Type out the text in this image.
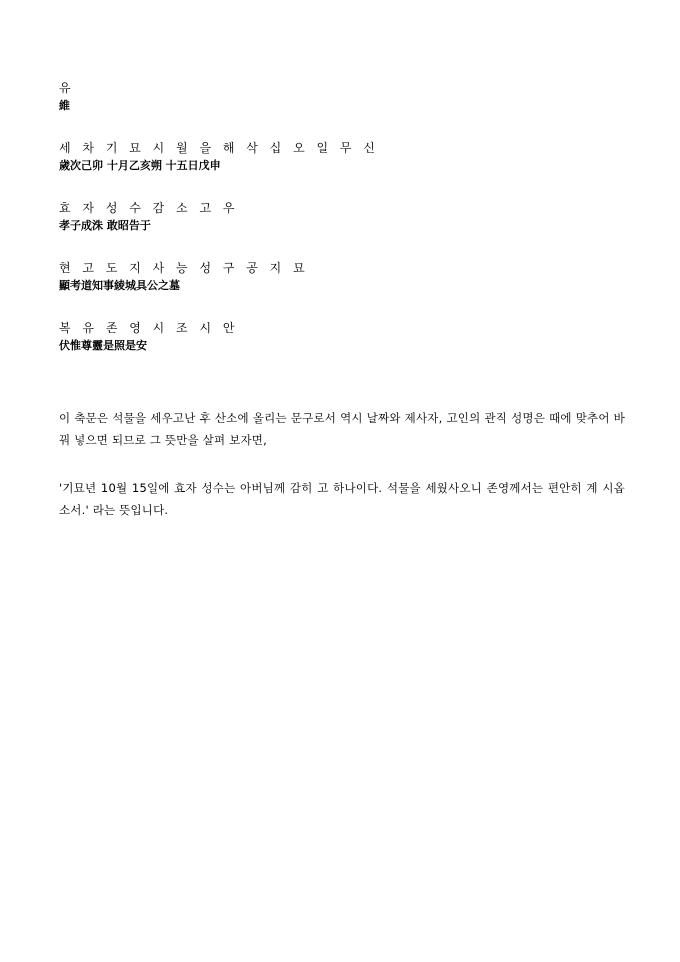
유
維
세 차 기 묘 시 월 을 해 삭 십 오 일 무 신
歲次己卯 十月乙亥朔 十五日戊申
효 자 성 수 감 소 고 우
孝子成洙 敢昭告于
현 고 도 지 사 능 성 구 공 지 묘
顯考道知事綾城具公之墓
복 유 존 영 시 조 시 안
伏惟尊靈是照是安

이 축문은 석물을 세우고난 후 산소에 올리는 문구로서 역시 날짜와 제사자, 고인의 관직 성명은 때에 맞추어 바꿔 넣으면 되므로 그 뜻만을 살펴 보자면,

'기묘년 10월 15일에 효자 성수는 아버님께 감히 고 하나이다. 석물을 세웠사오니 존영께서는 편안히 계 시옵소서.' 라는 뜻입니다.
